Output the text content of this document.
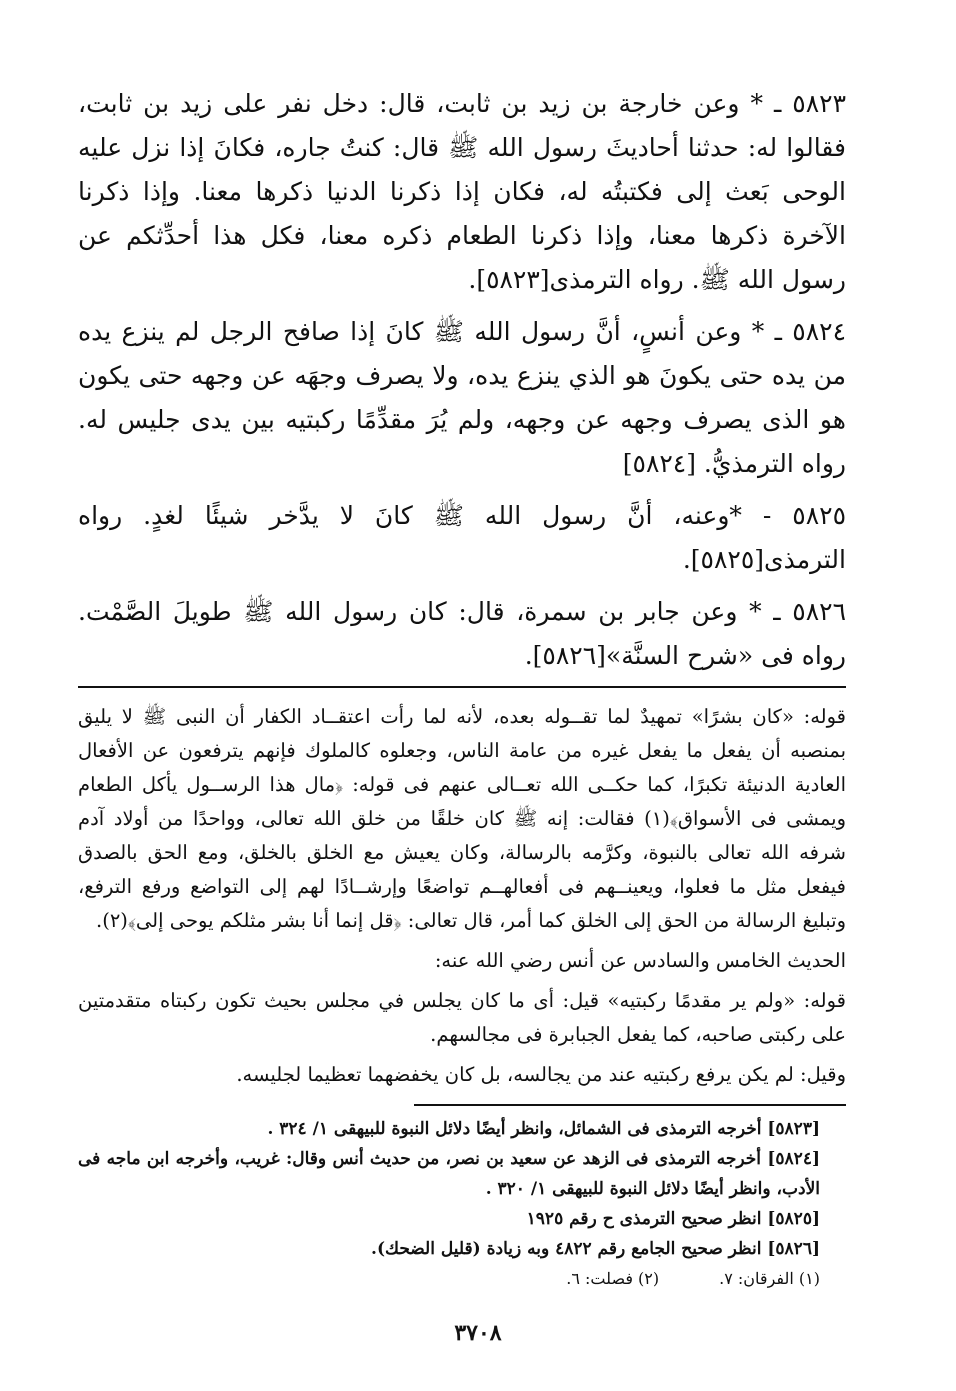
٥٨٢٣ ـ * وعن خارجة بن زيد بن ثابت، قال: دخل نفر على زيد بن ثابت، فقالوا له: حدثنا أحاديثَ رسول الله ﷺ قال: كنتُ جاره، فكانَ إذا نزل عليه الوحى بَعث إلى فكتبتُه له، فكان إذا ذكرنا الدنيا ذكرها معنا. وإذا ذكرنا الآخرة ذكرها معنا، وإذا ذكرنا الطعام ذكره معنا، فكل هذا أحدِّثكم عن رسول الله ﷺ. رواه الترمذى[٥٨٢٣].

٥٨٢٤ ـ * وعن أنسٍ، أنَّ رسول الله ﷺ كانَ إذا صافح الرجل لم ينزع يده من يده حتى يكونَ هو الذي ينزع يده، ولا يصرف وجهَه عن وجهه حتى يكون هو الذى يصرف وجهه عن وجهه، ولم يُرَ مقدِّمًا ركبتيه بين يدى جليس له. رواه الترمذيُّ. [٥٨٢٤]

٥٨٢٥ - *وعنه، أنَّ رسول الله ﷺ كانَ لا يدَّخر شيئًا لغدٍ. رواه الترمذى[٥٨٢٥].

٥٨٢٦ ـ * وعن جابر بن سمرة، قال: كان رسول الله ﷺ طويلَ الصَّمْت. رواه فى «شرح السنَّة»[٥٨٢٦].

قوله: «كان بشرًا» تمهيدٌ لما تقــوله بعده، لأنه لما رأت اعتقــاد الكفار أن النبى ﷺ لا يليق بمنصبه أن يفعل ما يفعل غيره من عامة الناس، وجعلوه كالملوك فإنهم يترفعون عن الأفعال العادية الدنيئة تكبرًا، كما حكــى الله تعــالى عنهم فى قوله: ﴿مال هذا الرســول يأكل الطعام ويمشى فى الأسواق﴾(١) فقالت: إنه ﷺ كان خلقًا من خلق الله تعالى، وواحدًا من أولاد آدم شرفه الله تعالى بالنبوة، وكرَّمه بالرسالة، وكان يعيش مع الخلق بالخلق، ومع الحق بالصدق فيفعل مثل ما فعلوا، ويعينــهم فى أفعالهــم تواضعًا وإرشــادًا لهم إلى التواضع ورفع الترفع، وتبليغ الرسالة من الحق إلى الخلق كما أمر، قال تعالى: ﴿قل إنما أنا بشر مثلكم يوحى إلى﴾(٢).

الحديث الخامس والسادس عن أنس رضي الله عنه:

قوله: «ولم ير مقدمًا ركبتيه» قيل: أى ما كان يجلس في مجلس بحيث تكون ركبتاه متقدمتين على ركبتى صاحبه، كما يفعل الجبابرة فى مجالسهم.

وقيل: لم يكن يرفع ركبتيه عند من يجالسه، بل كان يخفضهما تعظيما لجليسه.

[٥٨٢٣] أخرجه الترمذى فى الشمائل، وانظر أيضًا دلائل النبوة للبيهقى ١/ ٣٢٤ .

[٥٨٢٤] أخرجه الترمذى فى الزهد عن سعيد بن نصر، من حديث أنس وقال: غريب، وأخرجه ابن ماجه فى الأدب، وانظر أيضًا دلائل النبوة للبيهقى ١/ ٣٢٠ .

[٥٨٢٥] انظر صحيح الترمذى ح رقم ١٩٢٥

[٥٨٢٦] انظر صحيح الجامع رقم ٤٨٢٢ وبه زيادة (قليل الضحك).

(١) الفرقان: ٧.
(٢) فصلت: ٦.
٣٧٠٨
